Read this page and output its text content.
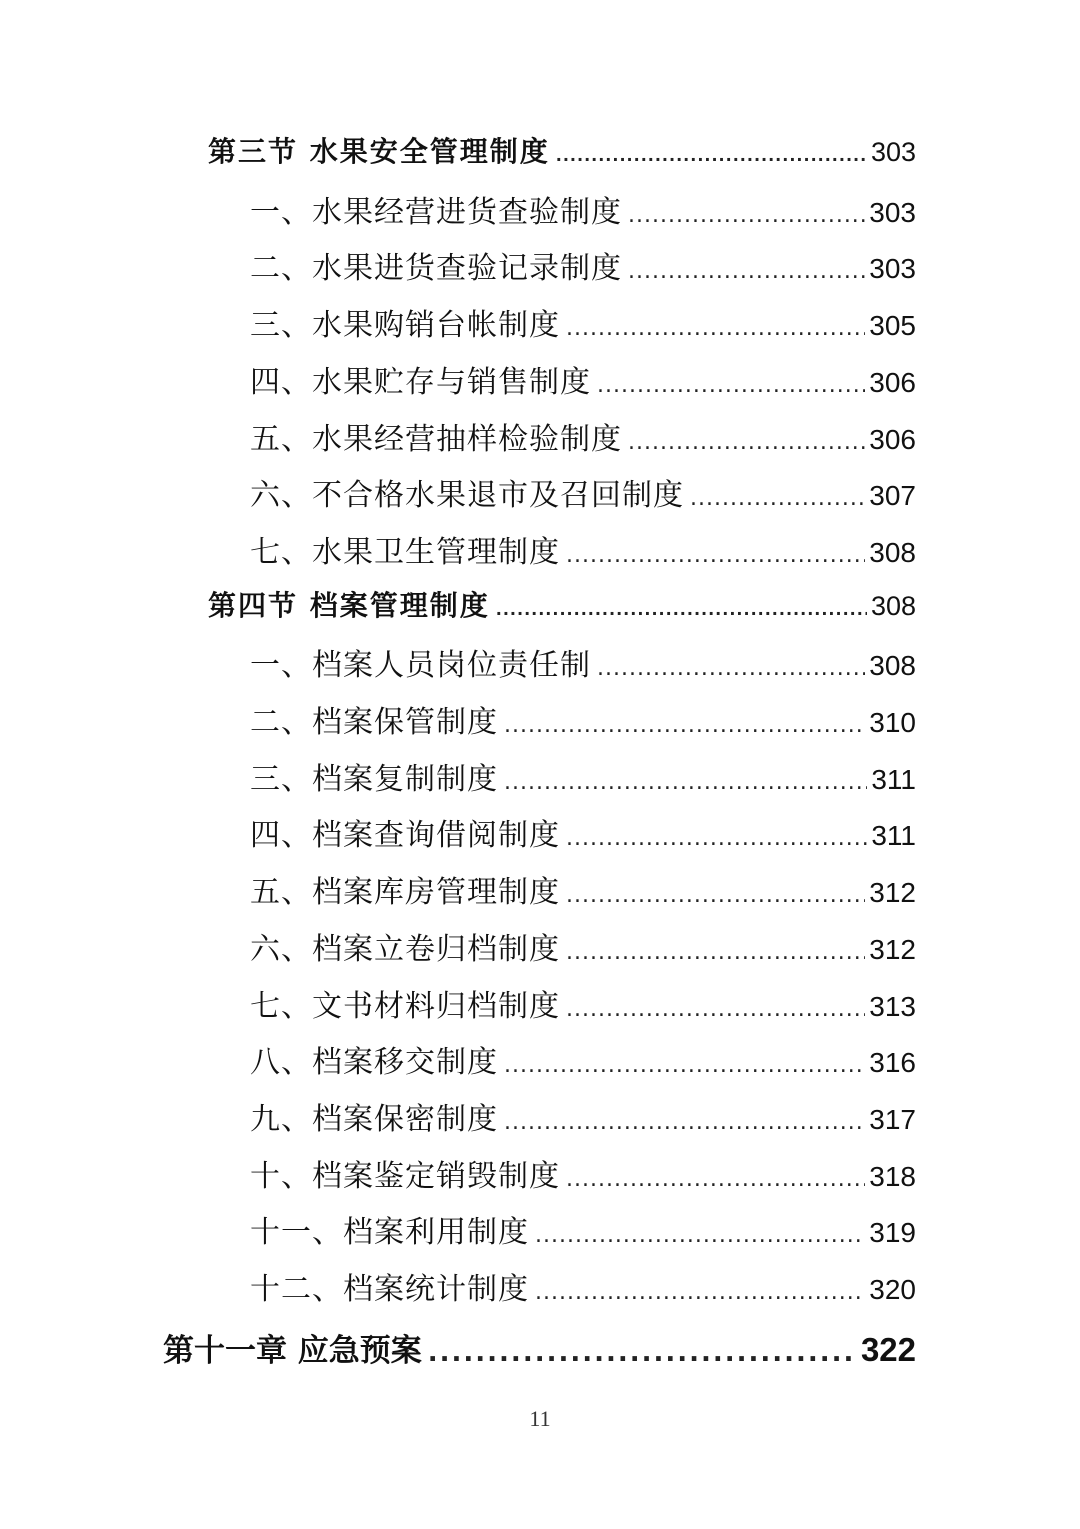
第三节 水果安全管理制度 .....	303
一、水果经营进货查验制度 .....	303
二、水果进货查验记录制度 .....	303
三、水果购销台帐制度 .....	305
四、水果贮存与销售制度 .....	306
五、水果经营抽样检验制度 .....	306
六、不合格水果退市及召回制度 .....	307
七、水果卫生管理制度 .....	308
第四节 档案管理制度 .....	308
一、档案人员岗位责任制 .....	308
二、档案保管制度 .....	310
三、档案复制制度 .....	311
四、档案查询借阅制度 .....	311
五、档案库房管理制度 .....	312
六、档案立卷归档制度 .....	312
七、文书材料归档制度 .....	313
八、档案移交制度 .....	316
九、档案保密制度 .....	317
十、档案鉴定销毁制度 .....	318
十一、档案利用制度 .....	319
十二、档案统计制度 .....	320
第十一章 应急预案 .....	322
11
